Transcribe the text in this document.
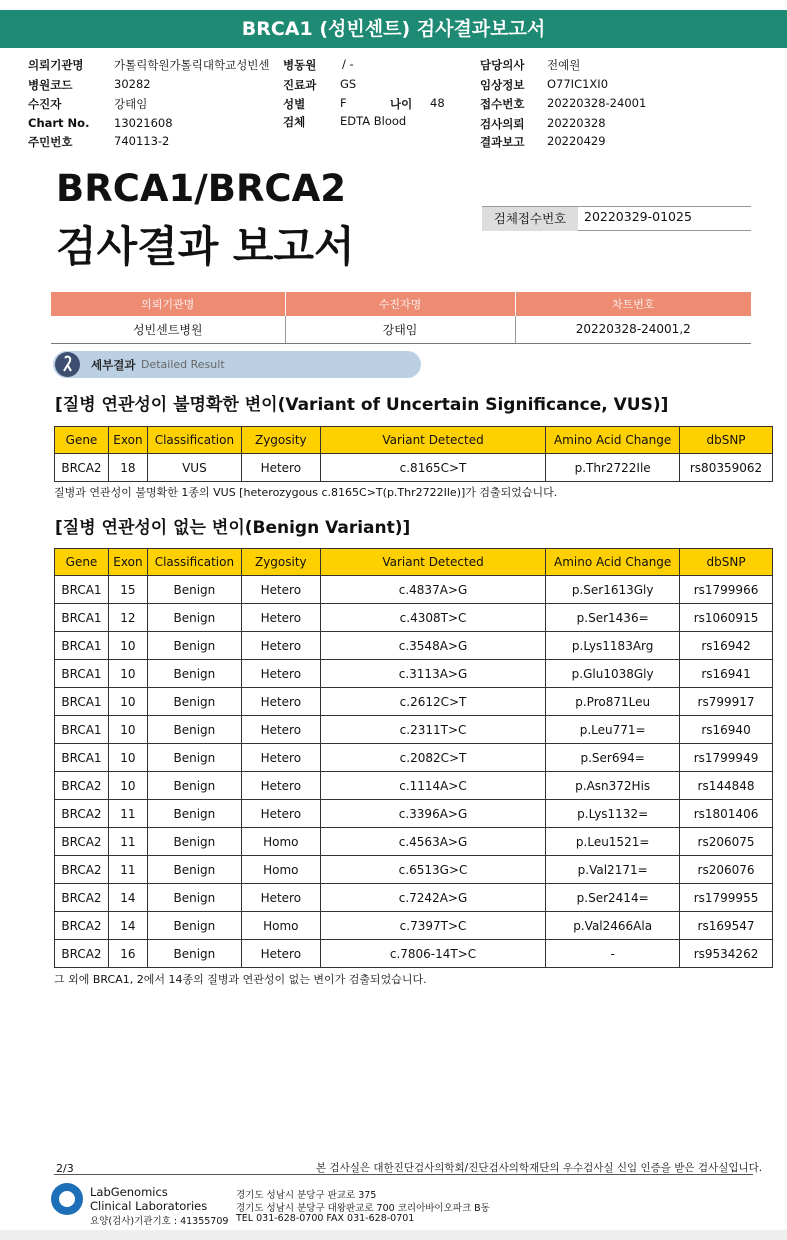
BRCA1 (성빈센트) 검사결과보고서
의뢰기관명	가톨릭학원가톨릭대학교성빈센
병원코드	30282
수진자	강태임
Chart No. 13021608
주민번호	740113-2
병동원 / -
진료과 GS
성별	F
검체	EDTA Blood
나이 48
담당의사 전예원
임상정보 O77IC1XI0
접수번호 20220328-24001
검사의뢰 20220328
결과보고 20220429
BRCA1/BRCA2
검사결과 보고서
검체접수번호	20220329-01025
의뢰기관명	수진자명	차트번호
성빈센트병원	강태임	20220328-24001,2
세부결과 Detailed Result
[질병 연관성이 불명확한 변이(Variant of Uncertain Significance, VUS)]
Gene	Exon	Classification	Zygosity	Variant Detected	Amino Acid Change	dbSNP
BRCA2	18	VUS	Hetero	c.8165C>T	p.Thr2722Ile	rs80359062
질병과 연관성이 불명확한 1종의 VUS [heterozygous c.8165C>T(p.Thr2722Ile)]가 검출되었습니다.
[질병 연관성이 없는 변이(Benign Variant)]
Gene	Exon	Classification	Zygosity	Variant Detected	Amino Acid Change	dbSNP
BRCA1	15	Benign	Hetero	c.4837A>G	p.Ser1613Gly	rs1799966
BRCA1	12	Benign	Hetero	c.4308T>C	p.Ser1436=	rs1060915
BRCA1	10	Benign	Hetero	c.3548A>G	p.Lys1183Arg	rs16942
BRCA1	10	Benign	Hetero	c.3113A>G	p.Glu1038Gly	rs16941
BRCA1	10	Benign	Hetero	c.2612C>T	p.Pro871Leu	rs799917
BRCA1	10	Benign	Hetero	c.2311T>C	p.Leu771=	rs16940
BRCA1	10	Benign	Hetero	c.2082C>T	p.Ser694=	rs1799949
BRCA2	10	Benign	Hetero	c.1114A>C	p.Asn372His	rs144848
BRCA2	11	Benign	Hetero	c.3396A>G	p.Lys1132=	rs1801406
BRCA2	11	Benign	Homo	c.4563A>G	p.Leu1521=	rs206075
BRCA2	11	Benign	Homo	c.6513G>C	p.Val2171=	rs206076
BRCA2	14	Benign	Hetero	c.7242A>G	p.Ser2414=	rs1799955
BRCA2	14	Benign	Homo	c.7397T>C	p.Val2466Ala	rs169547
BRCA2	16	Benign	Hetero	c.7806-14T>C	-	rs9534262
그 외에 BRCA1, 2에서 14종의 질병과 연관성이 없는 변이가 검출되었습니다.
2/3	본 검사실은 대한진단검사의학회/진단검사의학재단의 우수검사실 신임 인증을 받은 검사실입니다.
LabGenomics
Clinical Laboratories
요양(검사)기관기호 : 41355709
경기도 성남시 분당구 판교로 375
경기도 성남시 분당구 대왕판교로 700 코리아바이오파크 B동
TEL 031-628-0700 FAX 031-628-0701
